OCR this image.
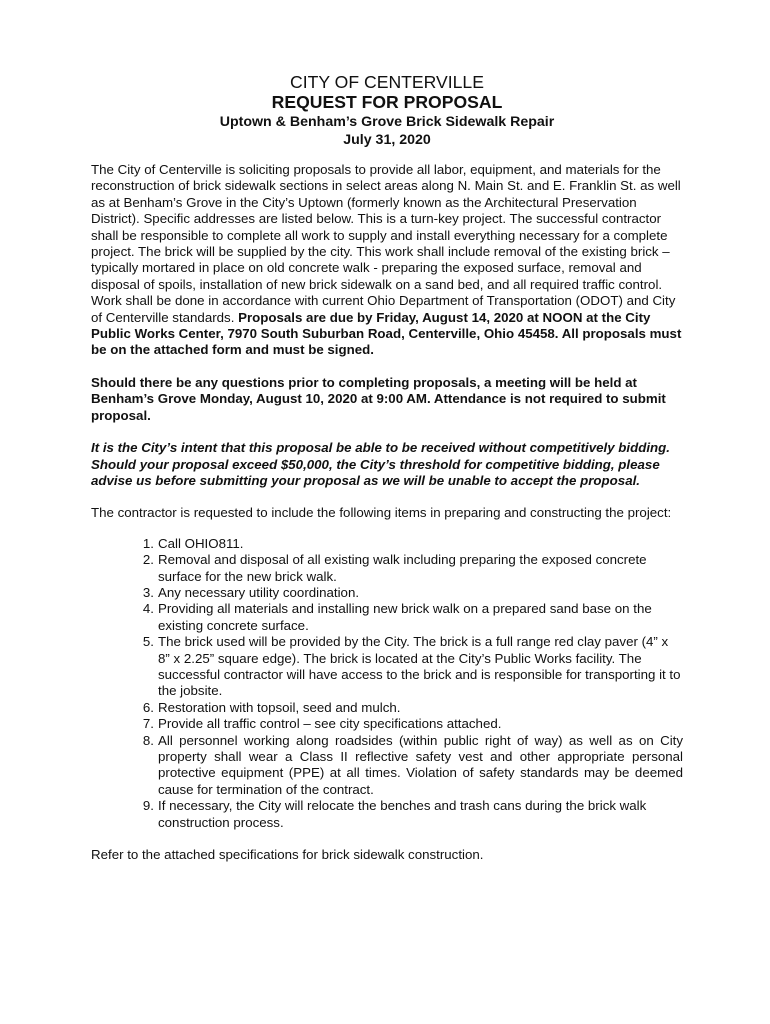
CITY OF CENTERVILLE

REQUEST FOR PROPOSAL

Uptown & Benham’s Grove Brick Sidewalk Repair

July 31, 2020

The City of Centerville is soliciting proposals to provide all labor, equipment, and materials for the reconstruction of brick sidewalk sections in select areas along N. Main St. and E. Franklin St. as well as at Benham’s Grove in the City’s Uptown (formerly known as the Architectural Preservation District). Specific addresses are listed below. This is a turn-key project. The successful contractor shall be responsible to complete all work to supply and install everything necessary for a complete project. The brick will be supplied by the city. This work shall include removal of the existing brick – typically mortared in place on old concrete walk - preparing the exposed surface, removal and disposal of spoils, installation of new brick sidewalk on a sand bed, and all required traffic control. Work shall be done in accordance with current Ohio Department of Transportation (ODOT) and City of Centerville standards. Proposals are due by Friday, August 14, 2020 at NOON at the City Public Works Center, 7970 South Suburban Road, Centerville, Ohio 45458. All proposals must be on the attached form and must be signed.

Should there be any questions prior to completing proposals, a meeting will be held at Benham’s Grove Monday, August 10, 2020 at 9:00 AM. Attendance is not required to submit proposal.

It is the City’s intent that this proposal be able to be received without competitively bidding. Should your proposal exceed $50,000, the City’s threshold for competitive bidding, please advise us before submitting your proposal as we will be unable to accept the proposal.

The contractor is requested to include the following items in preparing and constructing the project:

1. Call OHIO811.
2. Removal and disposal of all existing walk including preparing the exposed concrete surface for the new brick walk.
3. Any necessary utility coordination.
4. Providing all materials and installing new brick walk on a prepared sand base on the existing concrete surface.
5. The brick used will be provided by the City. The brick is a full range red clay paver (4” x 8” x 2.25” square edge). The brick is located at the City’s Public Works facility. The successful contractor will have access to the brick and is responsible for transporting it to the jobsite.
6. Restoration with topsoil, seed and mulch.
7. Provide all traffic control – see city specifications attached.
8. All personnel working along roadsides (within public right of way) as well as on City property shall wear a Class II reflective safety vest and other appropriate personal protective equipment (PPE) at all times. Violation of safety standards may be deemed cause for termination of the contract.
9. If necessary, the City will relocate the benches and trash cans during the brick walk construction process.

Refer to the attached specifications for brick sidewalk construction.
